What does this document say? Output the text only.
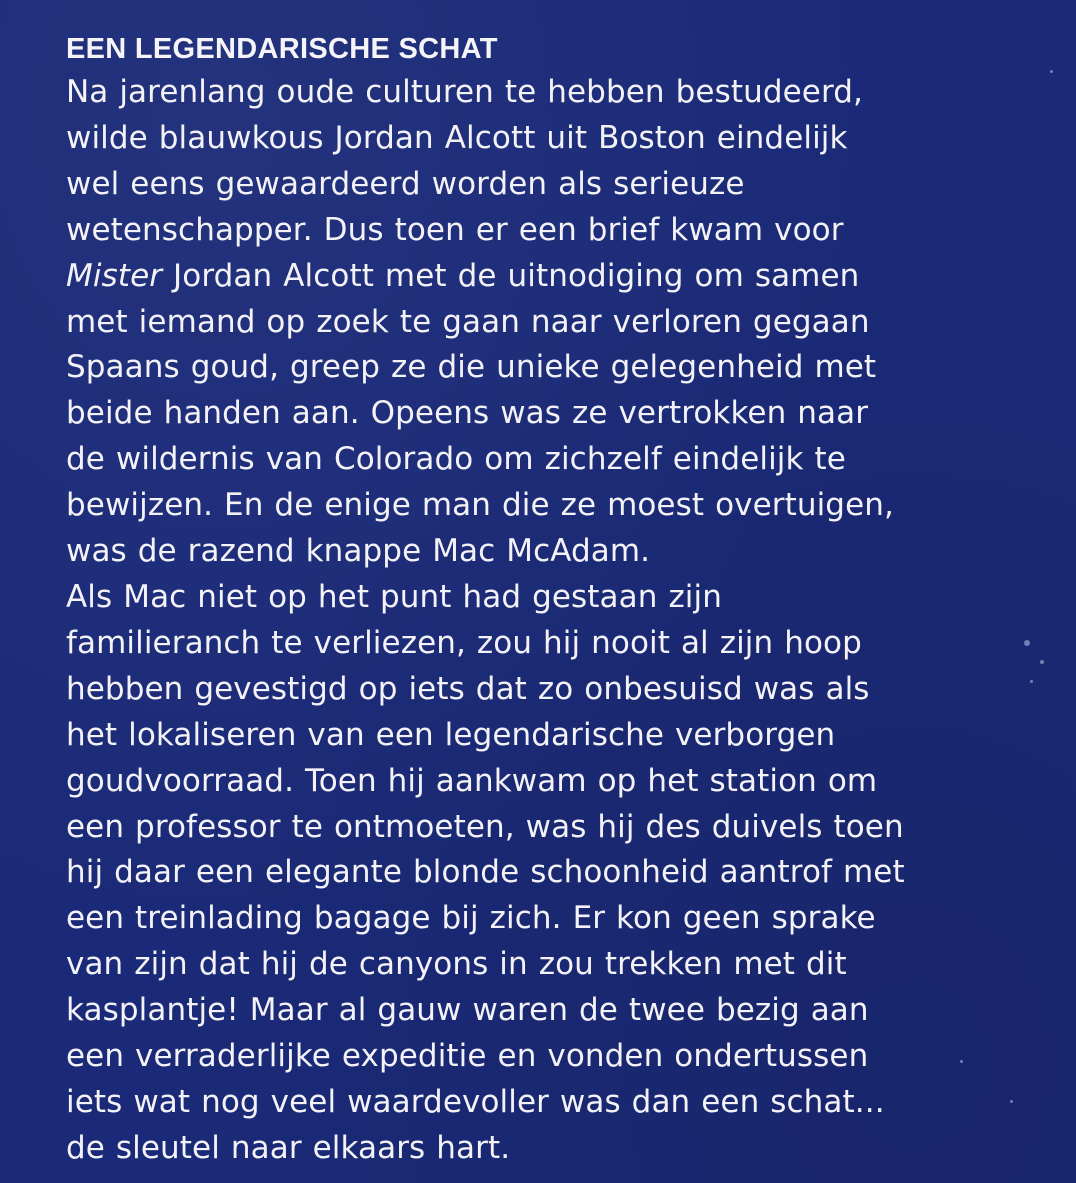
EEN LEGENDARISCHE SCHAT
Na jarenlang oude culturen te hebben bestudeerd,
wilde blauwkous Jordan Alcott uit Boston eindelijk
wel eens gewaardeerd worden als serieuze
wetenschapper. Dus toen er een brief kwam voor
Mister Jordan Alcott met de uitnodiging om samen
met iemand op zoek te gaan naar verloren gegaan
Spaans goud, greep ze die unieke gelegenheid met
beide handen aan. Opeens was ze vertrokken naar
de wildernis van Colorado om zichzelf eindelijk te
bewijzen. En de enige man die ze moest overtuigen,
was de razend knappe Mac McAdam.
Als Mac niet op het punt had gestaan zijn
familieranch te verliezen, zou hij nooit al zijn hoop
hebben gevestigd op iets dat zo onbesuisd was als
het lokaliseren van een legendarische verborgen
goudvoorraad. Toen hij aankwam op het station om
een professor te ontmoeten, was hij des duivels toen
hij daar een elegante blonde schoonheid aantrof met
een treinlading bagage bij zich. Er kon geen sprake
van zijn dat hij de canyons in zou trekken met dit
kasplantje! Maar al gauw waren de twee bezig aan
een verraderlijke expeditie en vonden ondertussen
iets wat nog veel waardevoller was dan een schat...
de sleutel naar elkaars hart.
